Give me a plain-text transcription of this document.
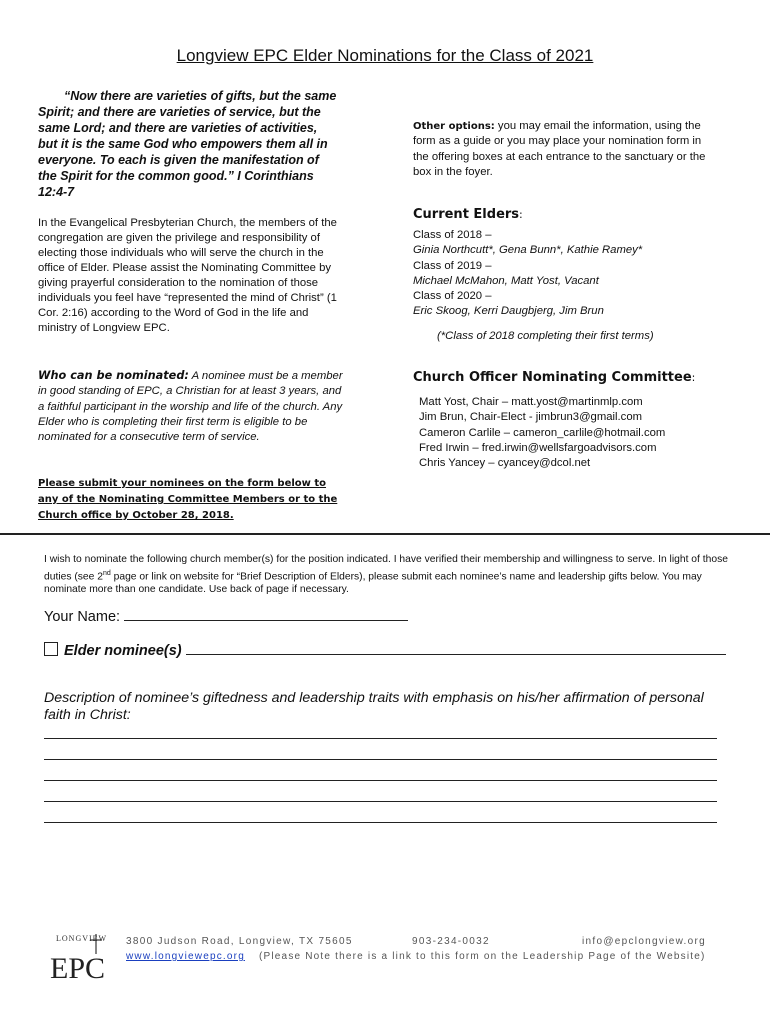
Longview EPC Elder Nominations for the Class of 2021
“Now there are varieties of gifts, but the same Spirit; and there are varieties of service, but the same Lord; and there are varieties of activities, but it is the same God who empowers them all in everyone. To each is given the manifestation of the Spirit for the common good.” I Corinthians 12:4-7
In the Evangelical Presbyterian Church, the members of the congregation are given the privilege and responsibility of electing those individuals who will serve the church in the office of Elder. Please assist the Nominating Committee by giving prayerful consideration to the nomination of those individuals you feel have “represented the mind of Christ” (1 Cor. 2:16) according to the Word of God in the life and ministry of Longview EPC.
Who can be nominated: A nominee must be a member in good standing of EPC, a Christian for at least 3 years, and a faithful participant in the worship and life of the church. Any Elder who is completing their first term is eligible to be nominated for a consecutive term of service.
Please submit your nominees on the form below to any of the Nominating Committee Members or to the Church office by October 28, 2018.
Other options: you may email the information, using the form as a guide or you may place your nomination form in the offering boxes at each entrance to the sanctuary or the box in the foyer.
Current Elders:
Class of 2018 –
Ginia Northcutt*, Gena Bunn*, Kathie Ramey*
Class of 2019 –
Michael McMahon, Matt Yost, Vacant
Class of 2020 –
Eric Skoog, Kerri Daugbjerg, Jim Brun
(*Class of 2018 completing their first terms)
Church Officer Nominating Committee:
Matt Yost, Chair – matt.yost@martinmlp.com
Jim Brun, Chair-Elect - jimbrun3@gmail.com
Cameron Carlile – cameron_carlile@hotmail.com
Fred Irwin – fred.irwin@wellsfargoadvisors.com
Chris Yancey – cyancey@dcol.net
I wish to nominate the following church member(s) for the position indicated. I have verified their membership and willingness to serve. In light of those duties (see 2nd page or link on website for “Brief Description of Elders), please submit each nominee’s name and leadership gifts below. You may nominate more than one candidate. Use back of page if necessary.
Your Name:
Elder nominee(s)
Description of nominee’s giftedness and leadership traits with emphasis on his/her affirmation of personal faith in Christ:
LONGVIEW
EPC
3800 Judson Road, Longview, TX 75605	903-234-0032	info@epclongview.org
www.longviewepc.org (Please Note there is a link to this form on the Leadership Page of the Website)
